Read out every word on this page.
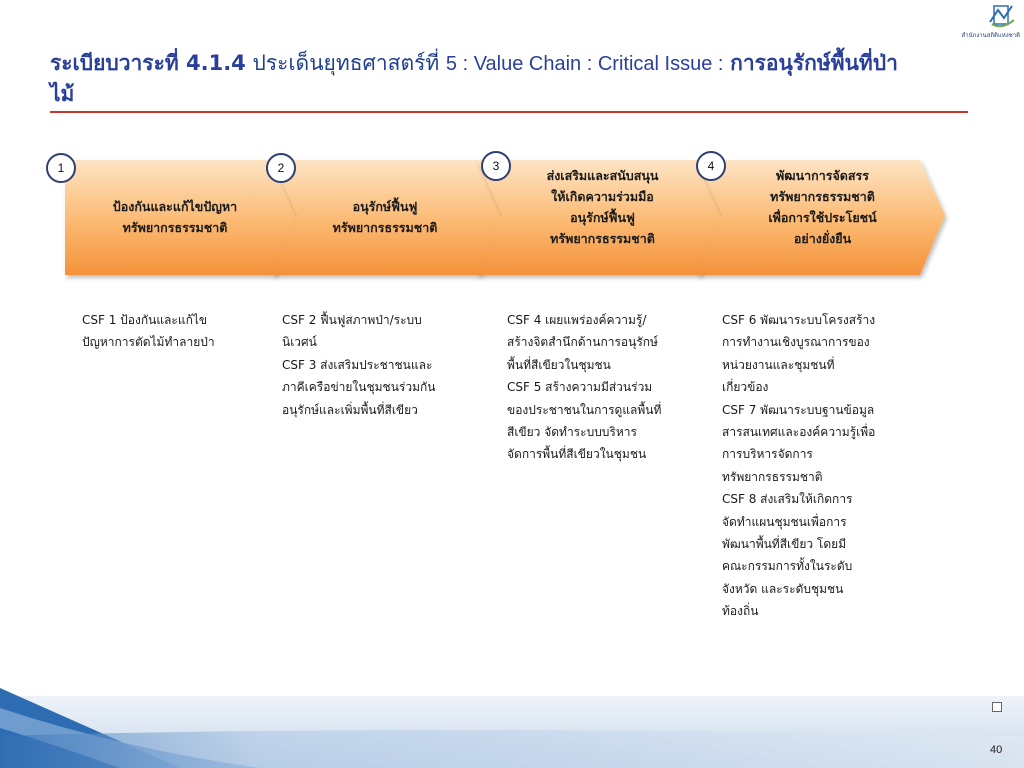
สำนักงานสถิติแห่งชาติ
ระเบียบวาระที่ 4.1.4 ประเด็นยุทธศาสตร์ที่ 5 : Value Chain : Critical Issue : การอนุรักษ์พื้นที่ป่า
ไม้
ป้องกันและแก้ไขปัญหา
ทรัพยากรธรรมชาติ
อนุรักษ์ฟื้นฟู
ทรัพยากรธรรมชาติ
ส่งเสริมและสนับสนุน
ให้เกิดความร่วมมือ
อนุรักษ์ฟื้นฟู
ทรัพยากรธรรมชาติ
พัฒนาการจัดสรร
ทรัพยากรธรรมชาติ
เพื่อการใช้ประโยชน์
อย่างยั่งยืน
1	2	3	4

CSF 1 ป้องกันและแก้ไข

ปัญหาการตัดไม้ทำลายป่า

CSF 2 ฟื้นฟูสภาพป่า/ระบบ

นิเวศน์

CSF 3 ส่งเสริมประชาชนและ

ภาคีเครือข่ายในชุมชนร่วมกัน

อนุรักษ์และเพิ่มพื้นที่สีเขียว

CSF 4 เผยแพร่องค์ความรู้/

สร้างจิตสำนึกด้านการอนุรักษ์

พื้นที่สีเขียวในชุมชน

CSF 5 สร้างความมีส่วนร่วม

ของประชาชนในการดูแลพื้นที่

สีเขียว จัดทำระบบบริหาร

จัดการพื้นที่สีเขียวในชุมชน

CSF 6 พัฒนาระบบโครงสร้าง

การทำงานเชิงบูรณาการของ

หน่วยงานและชุมชนที่

เกี่ยวข้อง

CSF 7 พัฒนาระบบฐานข้อมูล

สารสนเทศและองค์ความรู้เพื่อ

การบริหารจัดการ

ทรัพยากรธรรมชาติ

CSF 8 ส่งเสริมให้เกิดการ

จัดทำแผนชุมชนเพื่อการ

พัฒนาพื้นที่สีเขียว โดยมี

คณะกรรมการทั้งในระดับ

จังหวัด และระดับชุมชน

ท้องถิ่น

40
